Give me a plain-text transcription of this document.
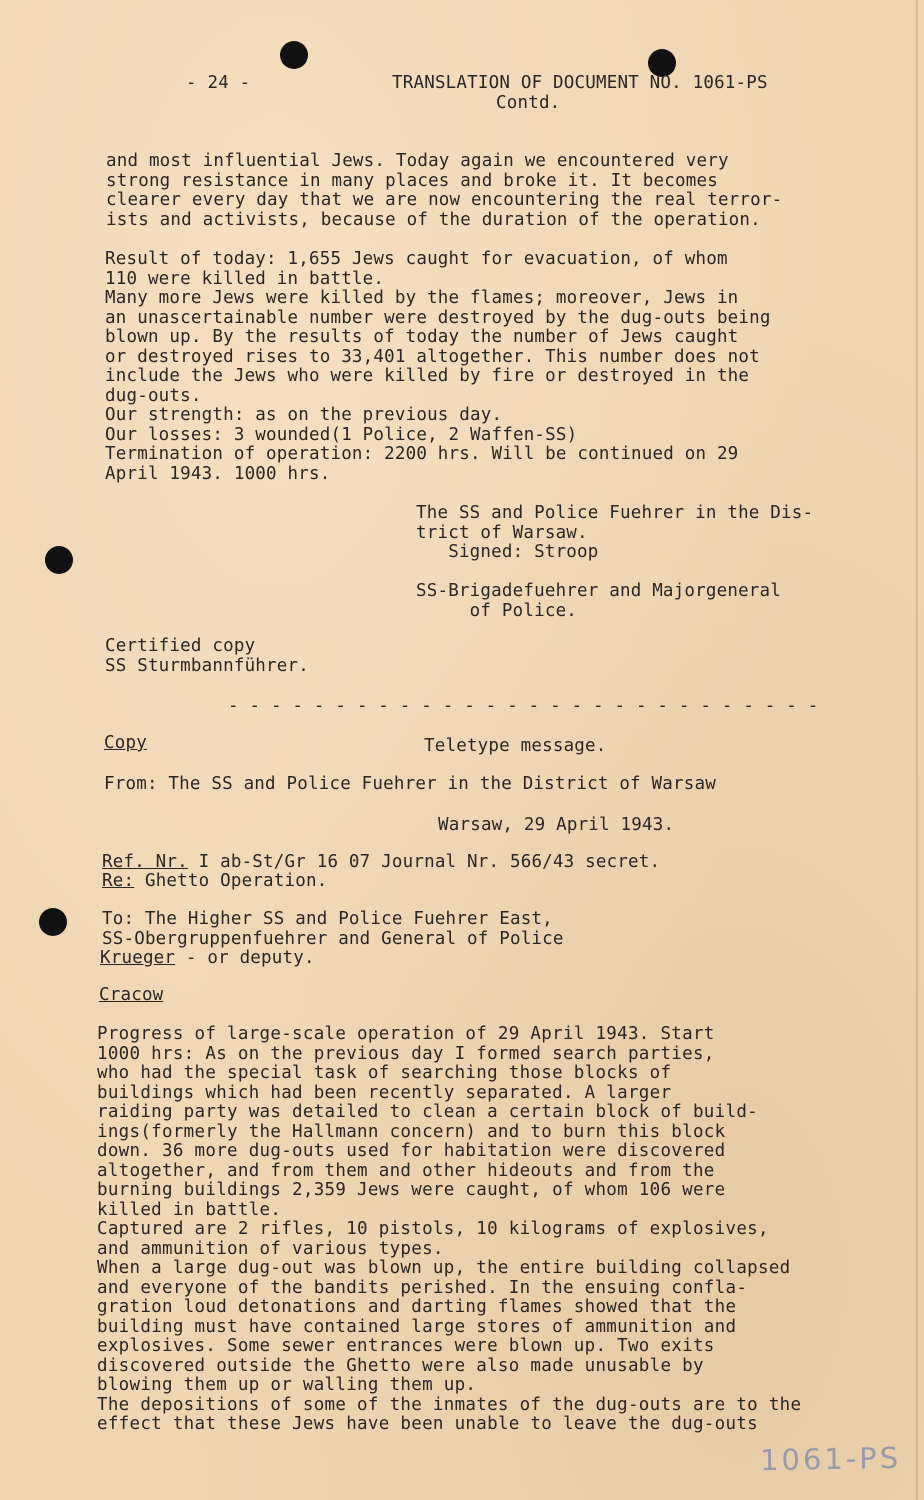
- 24 -	TRANSLATION OF DOCUMENT NO. 1061-PS

Contd.

and most influential Jews. Today again we encountered very
strong resistance in many places and broke it. It becomes
clearer every day that we are now encountering the real terror-
ists and activists, because of the duration of the operation.

Result of today: 1,655 Jews caught for evacuation, of whom
110 were killed in battle.
Many more Jews were killed by the flames; moreover, Jews in
an unascertainable number were destroyed by the dug-outs being
blown up. By the results of today the number of Jews caught
or destroyed rises to 33,401 altogether. This number does not
include the Jews who were killed by fire or destroyed in the
dug-outs.
Our strength: as on the previous day.
Our losses: 3 wounded(1 Police, 2 Waffen-SS)
Termination of operation: 2200 hrs. Will be continued on 29
April 1943. 1000 hrs.

The SS and Police Fuehrer in the Dis-
trict of Warsaw.
Signed: Stroop

SS-Brigadefuehrer and Majorgeneral
of Police.

Certified copy
SS Sturmbannführer.

- - - - - - - - - - - - - - - - - - - - - - - - - - - -

Copy	Teletype message.

From: The SS and Police Fuehrer in the District of Warsaw

Warsaw, 29 April 1943.

Ref. Nr. I ab-St/Gr 16 07 Journal Nr. 566/43 secret.

Re: Ghetto Operation.

To: The Higher SS and Police Fuehrer East,

SS-Obergruppenfuehrer and General of Police

Krueger - or deputy.

Cracow

Progress of large-scale operation of 29 April 1943. Start
1000 hrs: As on the previous day I formed search parties,
who had the special task of searching those blocks of
buildings which had been recently separated. A larger
raiding party was detailed to clean a certain block of build-
ings(formerly the Hallmann concern) and to burn this block
down. 36 more dug-outs used for habitation were discovered
altogether, and from them and other hideouts and from the
burning buildings 2,359 Jews were caught, of whom 106 were
killed in battle.
Captured are 2 rifles, 10 pistols, 10 kilograms of explosives,
and ammunition of various types.
When a large dug-out was blown up, the entire building collapsed
and everyone of the bandits perished. In the ensuing confla-
gration loud detonations and darting flames showed that the
building must have contained large stores of ammunition and
explosives. Some sewer entrances were blown up. Two exits
discovered outside the Ghetto were also made unusable by
blowing them up or walling them up.
The depositions of some of the inmates of the dug-outs are to the
effect that these Jews have been unable to leave the dug-outs

1061-PS
